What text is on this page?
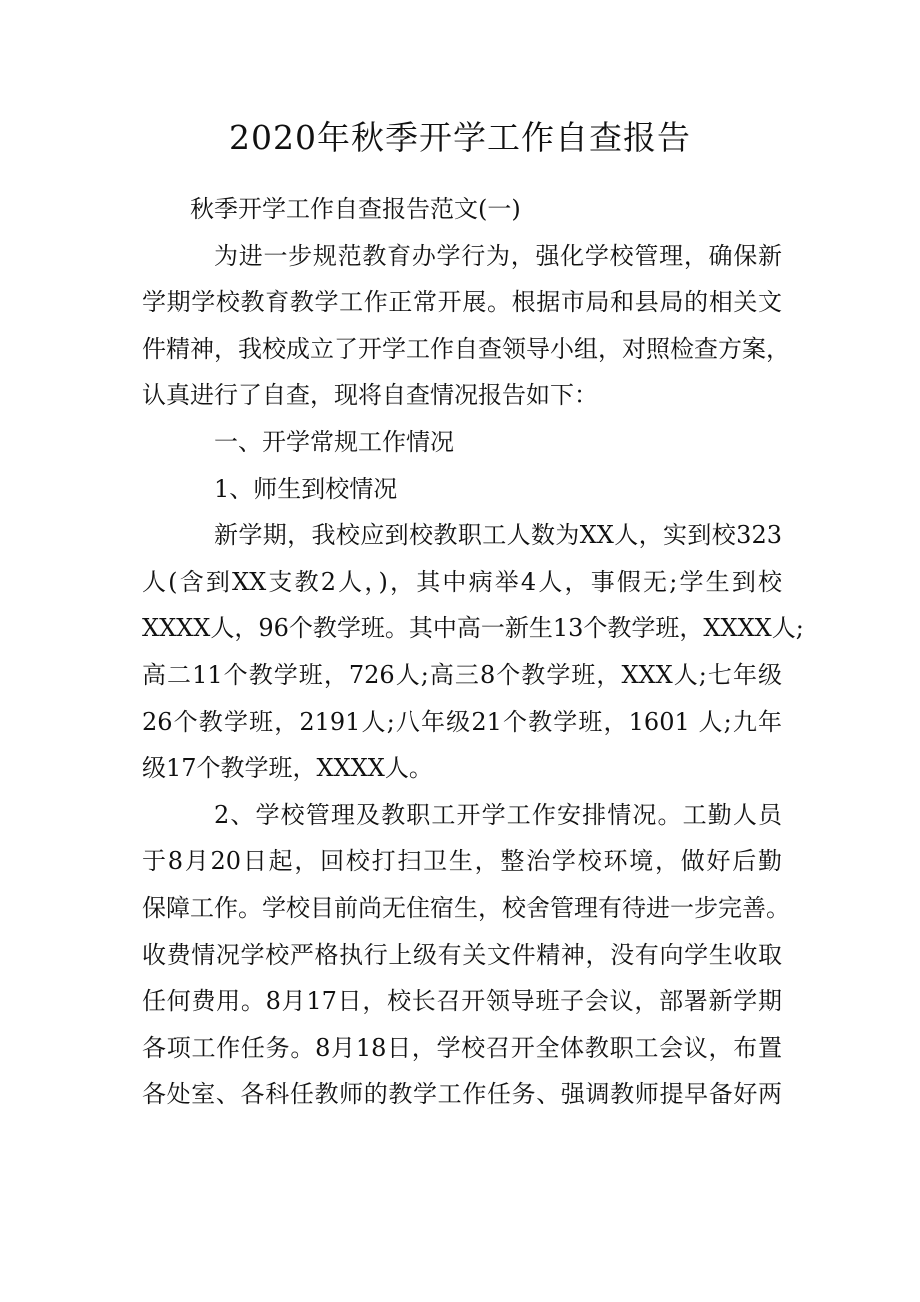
2020年秋季开学工作自查报告
秋季开学工作自查报告范文(一)
为进一步规范教育办学行为，强化学校管理，确保新
学期学校教育教学工作正常开展。根据市局和县局的相关文
件精神，我校成立了开学工作自查领导小组，对照检查方案，
认真进行了自查，现将自查情况报告如下：
一、开学常规工作情况
1、师生到校情况
新学期，我校应到校教职工人数为XX人，实到校323
人(含到XX支教2人，)，其中病举4人，事假无;学生到校
XXXX人，96个教学班。其中高一新生13个教学班，XXXX人;
高二11个教学班，726人;高三8个教学班，XXX人;七年级
26个教学班，2191人;八年级21个教学班，1601 人;九年
级17个教学班，XXXX人。
2、学校管理及教职工开学工作安排情况。工勤人员
于8月20日起，回校打扫卫生，整治学校环境，做好后勤
保障工作。学校目前尚无住宿生，校舍管理有待进一步完善。
收费情况学校严格执行上级有关文件精神，没有向学生收取
任何费用。8月17日，校长召开领导班子会议，部署新学期
各项工作任务。8月18日，学校召开全体教职工会议，布置
各处室、各科任教师的教学工作任务、强调教师提早备好两
